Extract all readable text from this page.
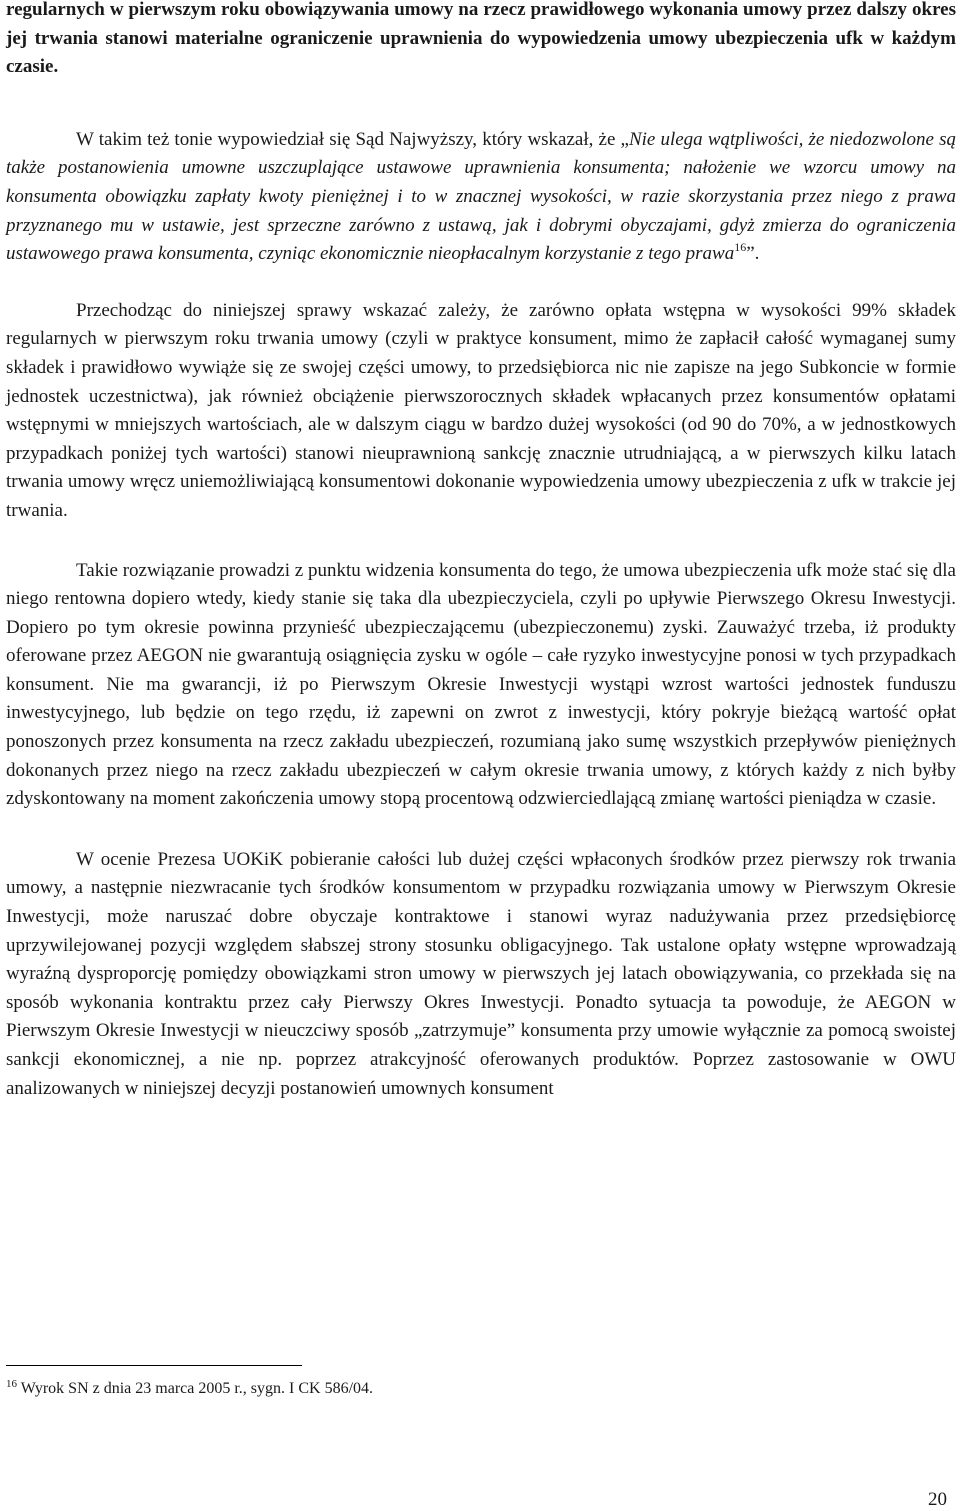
regularnych w pierwszym roku obowiązywania umowy na rzecz prawidłowego wykonania umowy przez dalszy okres jej trwania stanowi materialne ograniczenie uprawnienia do wypowiedzenia umowy ubezpieczenia ufk w każdym czasie.

W takim też tonie wypowiedział się Sąd Najwyższy, który wskazał, że „Nie ulega wątpliwości, że niedozwolone są także postanowienia umowne uszczuplające ustawowe uprawnienia konsumenta; nałożenie we wzorcu umowy na konsumenta obowiązku zapłaty kwoty pieniężnej i to w znacznej wysokości, w razie skorzystania przez niego z prawa przyznanego mu w ustawie, jest sprzeczne zarówno z ustawą, jak i dobrymi obyczajami, gdyż zmierza do ograniczenia ustawowego prawa konsumenta, czyniąc ekonomicznie nieopłacalnym korzystanie z tego prawa$^{16}$”.

Przechodząc do niniejszej sprawy wskazać zależy, że zarówno opłata wstępna w wysokości 99% składek regularnych w pierwszym roku trwania umowy (czyli w praktyce konsument, mimo że zapłacił całość wymaganej sumy składek i prawidłowo wywiąże się ze swojej części umowy, to przedsiębiorca nic nie zapisze na jego Subkoncie w formie jednostek uczestnictwa), jak również obciążenie pierwszorocznych składek wpłacanych przez konsumentów opłatami wstępnymi w mniejszych wartościach, ale w dalszym ciągu w bardzo dużej wysokości (od 90 do 70%, a w jednostkowych przypadkach poniżej tych wartości) stanowi nieuprawnioną sankcję znacznie utrudniającą, a w pierwszych kilku latach trwania umowy wręcz uniemożliwiającą konsumentowi dokonanie wypowiedzenia umowy ubezpieczenia z ufk w trakcie jej trwania.

Takie rozwiązanie prowadzi z punktu widzenia konsumenta do tego, że umowa ubezpieczenia ufk może stać się dla niego rentowna dopiero wtedy, kiedy stanie się taka dla ubezpieczyciela, czyli po upływie Pierwszego Okresu Inwestycji. Dopiero po tym okresie powinna przynieść ubezpieczającemu (ubezpieczonemu) zyski. Zauważyć trzeba, iż produkty oferowane przez AEGON nie gwarantują osiągnięcia zysku w ogóle – całe ryzyko inwestycyjne ponosi w tych przypadkach konsument. Nie ma gwarancji, iż po Pierwszym Okresie Inwestycji wystąpi wzrost wartości jednostek funduszu inwestycyjnego, lub będzie on tego rzędu, iż zapewni on zwrot z inwestycji, który pokryje bieżącą wartość opłat ponoszonych przez konsumenta na rzecz zakładu ubezpieczeń, rozumianą jako sumę wszystkich przepływów pieniężnych dokonanych przez niego na rzecz zakładu ubezpieczeń w całym okresie trwania umowy, z których każdy z nich byłby zdyskontowany na moment zakończenia umowy stopą procentową odzwierciedlającą zmianę wartości pieniądza w czasie.

W ocenie Prezesa UOKiK pobieranie całości lub dużej części wpłaconych środków przez pierwszy rok trwania umowy, a następnie niezwracanie tych środków konsumentom w przypadku rozwiązania umowy w Pierwszym Okresie Inwestycji, może naruszać dobre obyczaje kontraktowe i stanowi wyraz nadużywania przez przedsiębiorcę uprzywilejowanej pozycji względem słabszej strony stosunku obligacyjnego. Tak ustalone opłaty wstępne wprowadzają wyraźną dysproporcję pomiędzy obowiązkami stron umowy w pierwszych jej latach obowiązywania, co przekłada się na sposób wykonania kontraktu przez cały Pierwszy Okres Inwestycji. Ponadto sytuacja ta powoduje, że AEGON w Pierwszym Okresie Inwestycji w nieuczciwy sposób „zatrzymuje” konsumenta przy umowie wyłącznie za pomocą swoistej sankcji ekonomicznej, a nie np. poprzez atrakcyjność oferowanych produktów. Poprzez zastosowanie w OWU analizowanych w niniejszej decyzji postanowień umownych konsument

$^{16}$ Wyrok SN z dnia 23 marca 2005 r., sygn. I CK 586/04.

20
